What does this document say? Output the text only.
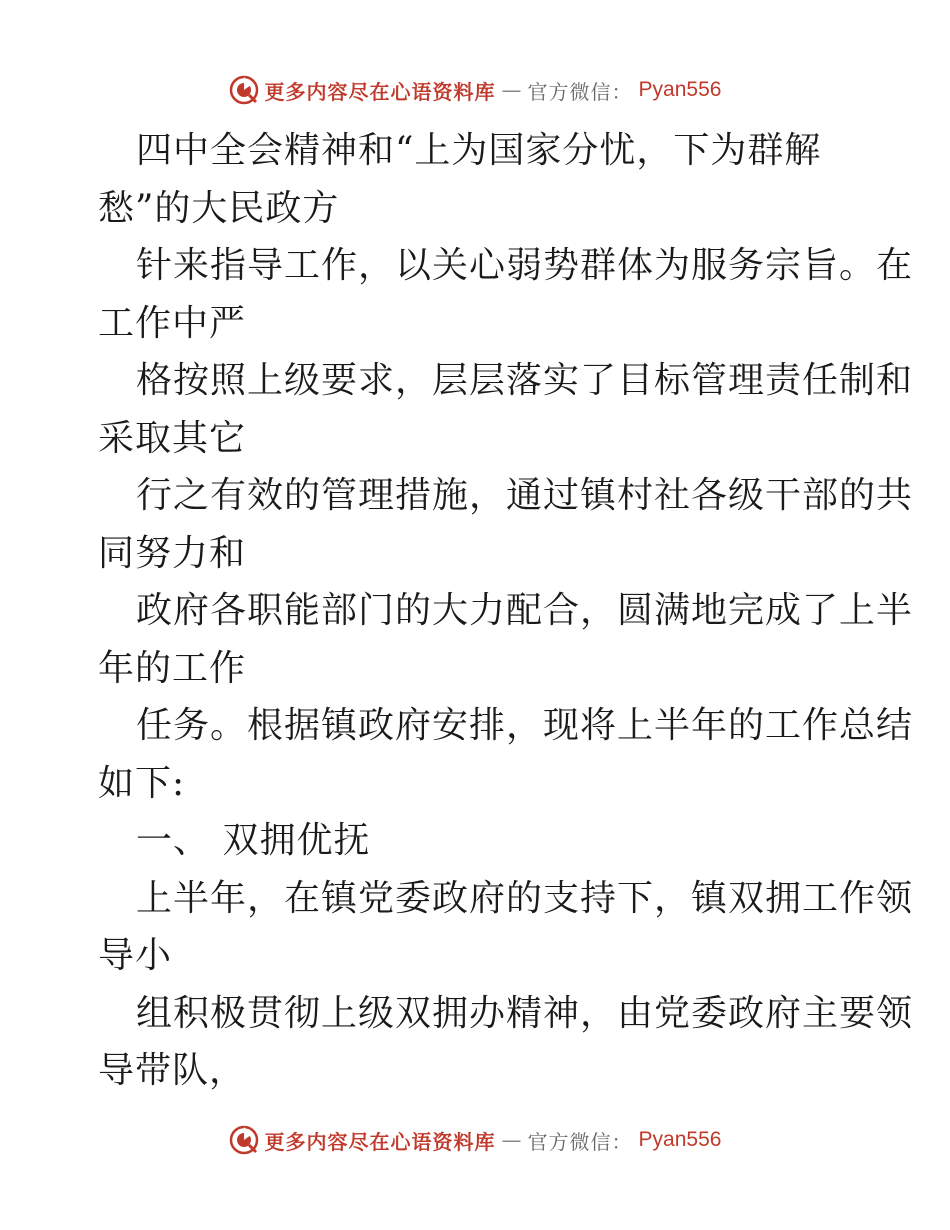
更多内容尽在心语资料库 — 官方微信： Pyan556
四中全会精神和“上为国家分忧，下为群解
愁”的大民政方
针来指导工作，以关心弱势群体为服务宗旨。在
工作中严
格按照上级要求，层层落实了目标管理责任制和
采取其它
行之有效的管理措施，通过镇村社各级干部的共
同努力和
政府各职能部门的大力配合，圆满地完成了上半
年的工作
任务。根据镇政府安排，现将上半年的工作总结
如下:
一、 双拥优抚
上半年，在镇党委政府的支持下，镇双拥工作领
导小
组积极贯彻上级双拥办精神，由党委政府主要领
导带队，
更多内容尽在心语资料库 — 官方微信： Pyan556
